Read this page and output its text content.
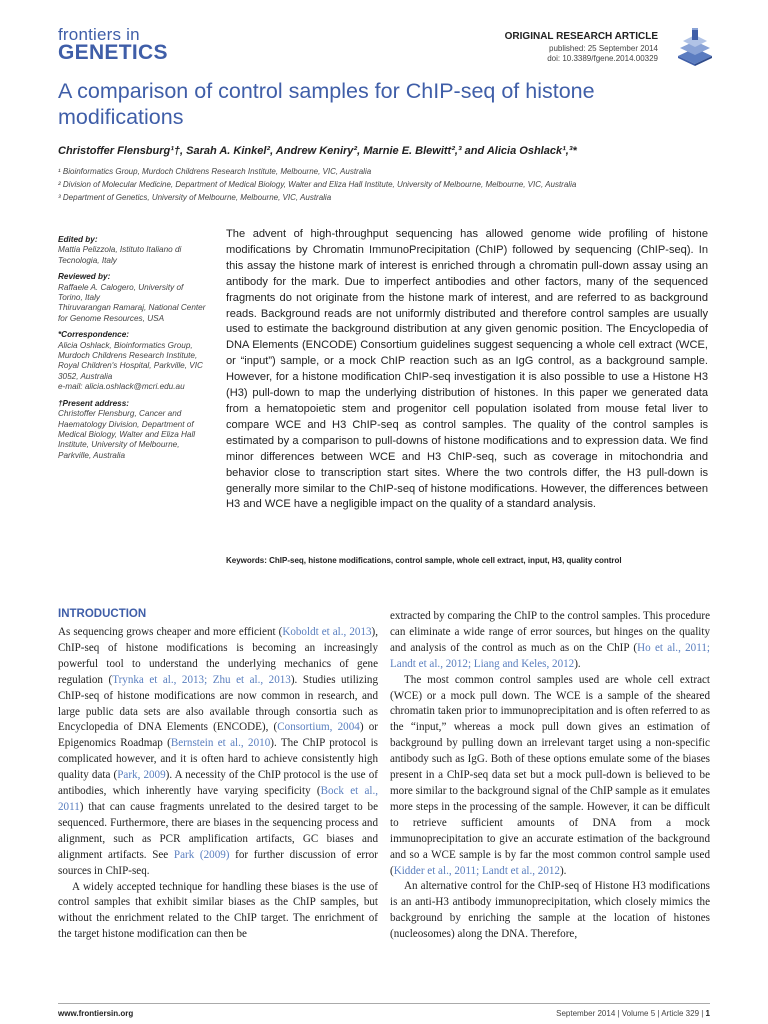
frontiers in
GENETICS
ORIGINAL RESEARCH ARTICLE
published: 25 September 2014
doi: 10.3389/fgene.2014.00329
A comparison of control samples for ChIP-seq of histone modifications
Christoffer Flensburg¹†, Sarah A. Kinkel², Andrew Keniry², Marnie E. Blewitt²,³ and Alicia Oshlack¹,³*
¹ Bioinformatics Group, Murdoch Childrens Research Institute, Melbourne, VIC, Australia
² Division of Molecular Medicine, Department of Medical Biology, Walter and Eliza Hall Institute, University of Melbourne, Melbourne, VIC, Australia
³ Department of Genetics, University of Melbourne, Melbourne, VIC, Australia
Edited by:
Mattia Pelizzola, Istituto Italiano di Tecnologia, Italy
Reviewed by:
Raffaele A. Calogero, University of Torino, Italy
Thiruvarangan Ramaraj, National Center for Genome Resources, USA
*Correspondence:
Alicia Oshlack, Bioinformatics Group, Murdoch Childrens Research Institute, Royal Children's Hospital, Parkville, VIC 3052, Australia
e-mail: alicia.oshlack@mcri.edu.au
†Present address:
Christoffer Flensburg, Cancer and Haematology Division, Department of Medical Biology, Walter and Eliza Hall Institute, University of Melbourne, Parkville, Australia
The advent of high-throughput sequencing has allowed genome wide profiling of histone modifications by Chromatin ImmunoPrecipitation (ChIP) followed by sequencing (ChIP-seq). In this assay the histone mark of interest is enriched through a chromatin pull-down assay using an antibody for the mark. Due to imperfect antibodies and other factors, many of the sequenced fragments do not originate from the histone mark of interest, and are referred to as background reads. Background reads are not uniformly distributed and therefore control samples are usually used to estimate the background distribution at any given genomic position. The Encyclopedia of DNA Elements (ENCODE) Consortium guidelines suggest sequencing a whole cell extract (WCE, or “input”) sample, or a mock ChIP reaction such as an IgG control, as a background sample. However, for a histone modification ChIP-seq investigation it is also possible to use a Histone H3 (H3) pull-down to map the underlying distribution of histones. In this paper we generated data from a hematopoietic stem and progenitor cell population isolated from mouse fetal liver to compare WCE and H3 ChIP-seq as control samples. The quality of the control samples is estimated by a comparison to pull-downs of histone modifications and to expression data. We find minor differences between WCE and H3 ChIP-seq, such as coverage in mitochondria and behavior close to transcription start sites. Where the two controls differ, the H3 pull-down is generally more similar to the ChIP-seq of histone modifications. However, the differences between H3 and WCE have a negligible impact on the quality of a standard analysis.
Keywords: ChIP-seq, histone modifications, control sample, whole cell extract, input, H3, quality control
INTRODUCTION
As sequencing grows cheaper and more efficient (Koboldt et al., 2013), ChIP-seq of histone modifications is becoming an increasingly powerful tool to understand the underlying mechanics of gene regulation (Trynka et al., 2013; Zhu et al., 2013). Studies utilizing ChIP-seq of histone modifications are now common in research, and large public data sets are also available through consortia such as Encyclopedia of DNA Elements (ENCODE), (Consortium, 2004) or Epigenomics Roadmap (Bernstein et al., 2010). The ChIP protocol is complicated however, and it is often hard to achieve consistently high quality data (Park, 2009). A necessity of the ChIP protocol is the use of antibodies, which inherently have varying specificity (Bock et al., 2011) that can cause fragments unrelated to the desired target to be sequenced. Furthermore, there are biases in the sequencing process and alignment, such as PCR amplification artifacts, GC biases and alignment artifacts. See Park (2009) for further discussion of error sources in ChIP-seq.
A widely accepted technique for handling these biases is the use of control samples that exhibit similar biases as the ChIP samples, but without the enrichment related to the ChIP target. The enrichment of the target histone modification can then be
extracted by comparing the ChIP to the control samples. This procedure can eliminate a wide range of error sources, but hinges on the quality and analysis of the control as much as on the ChIP (Ho et al., 2011; Landt et al., 2012; Liang and Keles, 2012).
The most common control samples used are whole cell extract (WCE) or a mock pull down. The WCE is a sample of the sheared chromatin taken prior to immunoprecipitation and is often referred to as the “input,” whereas a mock pull down gives an estimation of background by pulling down an irrelevant target using a non-specific antibody such as IgG. Both of these options emulate some of the biases present in a ChIP-seq data set but a mock pull-down is believed to be more similar to the background signal of the ChIP sample as it emulates more steps in the processing of the sample. However, it can be difficult to retrieve sufficient amounts of DNA from a mock immunoprecipitation to give an accurate estimation of the background and so a WCE sample is by far the most common control sample used (Kidder et al., 2011; Landt et al., 2012).
An alternative control for the ChIP-seq of Histone H3 modifications is an anti-H3 antibody immunoprecipitation, which closely mimics the background by enriching the sample at the location of histones (nucleosomes) along the DNA. Therefore,
www.frontiersin.org	September 2014 | Volume 5 | Article 329 | 1
